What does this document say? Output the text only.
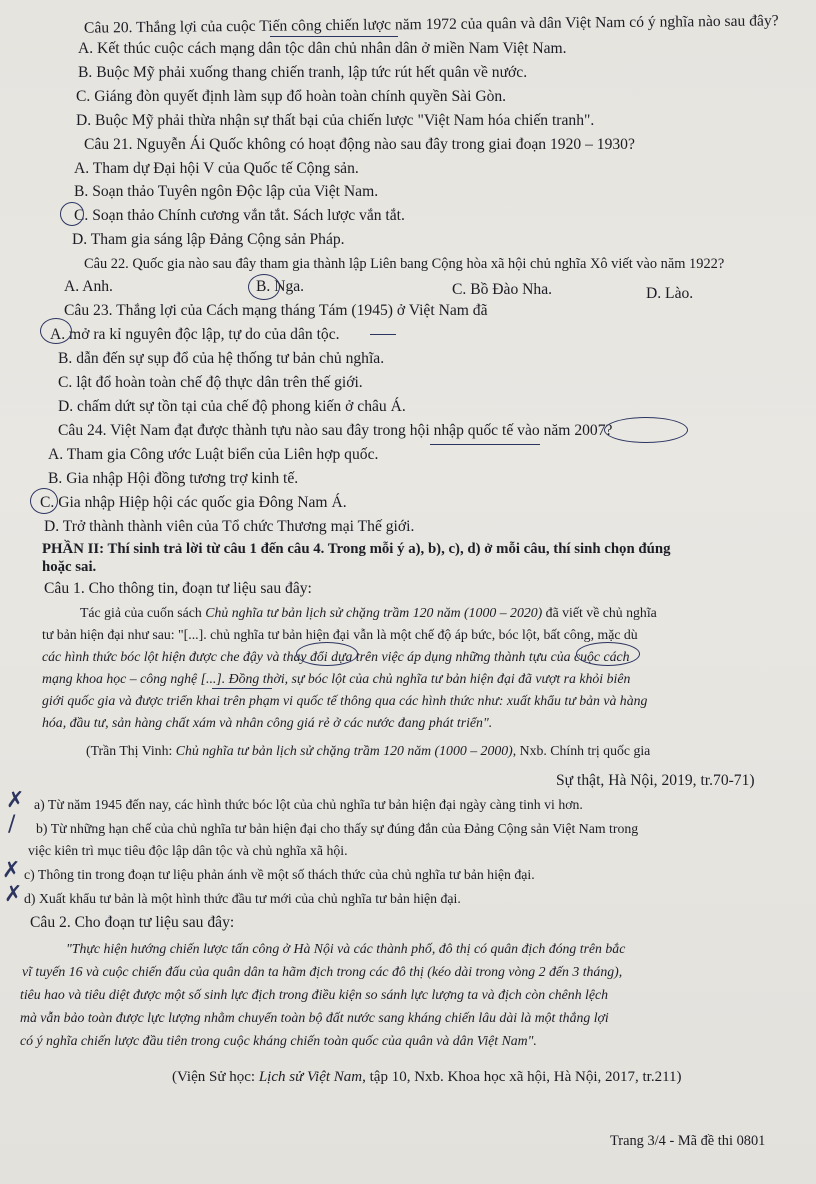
Câu 20. Thắng lợi của cuộc Tiến công chiến lược năm 1972 của quân và dân Việt Nam có ý nghĩa nào sau đây?
A. Kết thúc cuộc cách mạng dân tộc dân chủ nhân dân ở miền Nam Việt Nam.
B. Buộc Mỹ phải xuống thang chiến tranh, lập tức rút hết quân về nước.
C. Giáng đòn quyết định làm sụp đổ hoàn toàn chính quyền Sài Gòn.
D. Buộc Mỹ phải thừa nhận sự thất bại của chiến lược "Việt Nam hóa chiến tranh".
Câu 21. Nguyễn Ái Quốc không có hoạt động nào sau đây trong giai đoạn 1920 – 1930?
A. Tham dự Đại hội V của Quốc tế Cộng sản.
B. Soạn thảo Tuyên ngôn Độc lập của Việt Nam.
C. Soạn thảo Chính cương vắn tắt. Sách lược vắn tắt.
D. Tham gia sáng lập Đảng Cộng sản Pháp.
Câu 22. Quốc gia nào sau đây tham gia thành lập Liên bang Cộng hòa xã hội chủ nghĩa Xô viết vào năm 1922?
A. Anh.	B. Nga.	C. Bồ Đào Nha.	D. Lào.
Câu 23. Thắng lợi của Cách mạng tháng Tám (1945) ở Việt Nam đã
A. mở ra kỉ nguyên độc lập, tự do của dân tộc.
B. dẫn đến sự sụp đổ của hệ thống tư bản chủ nghĩa.
C. lật đổ hoàn toàn chế độ thực dân trên thế giới.
D. chấm dứt sự tồn tại của chế độ phong kiến ở châu Á.
Câu 24. Việt Nam đạt được thành tựu nào sau đây trong hội nhập quốc tế vào năm 2007?
A. Tham gia Công ước Luật biển của Liên hợp quốc.
B. Gia nhập Hội đồng tương trợ kinh tế.
C. Gia nhập Hiệp hội các quốc gia Đông Nam Á.
D. Trở thành thành viên của Tổ chức Thương mại Thế giới.
PHẦN II: Thí sinh trả lời từ câu 1 đến câu 4. Trong mỗi ý a), b), c), d) ở mỗi câu, thí sinh chọn đúng
hoặc sai.
Câu 1. Cho thông tin, đoạn tư liệu sau đây:
Tác giả của cuốn sách Chủ nghĩa tư bản lịch sử chặng trầm 120 năm (1000 – 2020) đã viết về chủ nghĩa
tư bản hiện đại như sau: "[...]. chủ nghĩa tư bản hiện đại vẫn là một chế độ áp bức, bóc lột, bất công, mặc dù
các hình thức bóc lột hiện được che đậy và thay đổi dựa trên việc áp dụng những thành tựu của cuộc cách
mạng khoa học – công nghệ [...]. Đồng thời, sự bóc lột của chủ nghĩa tư bản hiện đại đã vượt ra khỏi biên
giới quốc gia và được triển khai trên phạm vi quốc tế thông qua các hình thức như: xuất khẩu tư bản và hàng
hóa, đầu tư, sản hàng chất xám và nhân công giá rẻ ở các nước đang phát triển".
(Trần Thị Vinh: Chủ nghĩa tư bản lịch sử chặng trầm 120 năm (1000 – 2000), Nxb. Chính trị quốc gia
Sự thật, Hà Nội, 2019, tr.70-71)
a) Từ năm 1945 đến nay, các hình thức bóc lột của chủ nghĩa tư bản hiện đại ngày càng tinh vi hơn.
b) Từ những hạn chế của chủ nghĩa tư bản hiện đại cho thấy sự đúng đắn của Đảng Cộng sản Việt Nam trong
việc kiên trì mục tiêu độc lập dân tộc và chủ nghĩa xã hội.
c) Thông tin trong đoạn tư liệu phản ánh về một số thách thức của chủ nghĩa tư bản hiện đại.
d) Xuất khẩu tư bản là một hình thức đầu tư mới của chủ nghĩa tư bản hiện đại.
Câu 2. Cho đoạn tư liệu sau đây:
"Thực hiện hướng chiến lược tấn công ở Hà Nội và các thành phố, đô thị có quân địch đóng trên bắc
vĩ tuyến 16 và cuộc chiến đấu của quân dân ta hãm địch trong các đô thị (kéo dài trong vòng 2 đến 3 tháng),
tiêu hao và tiêu diệt được một số sinh lực địch trong điều kiện so sánh lực lượng ta và địch còn chênh lệch
mà vẫn bảo toàn được lực lượng nhằm chuyển toàn bộ đất nước sang kháng chiến lâu dài là một thắng lợi
có ý nghĩa chiến lược đầu tiên trong cuộc kháng chiến toàn quốc của quân và dân Việt Nam".
(Viện Sử học: Lịch sử Việt Nam, tập 10, Nxb. Khoa học xã hội, Hà Nội, 2017, tr.211)
Trang 3/4 - Mã đề thi 0801
✗
/
✗
✗
